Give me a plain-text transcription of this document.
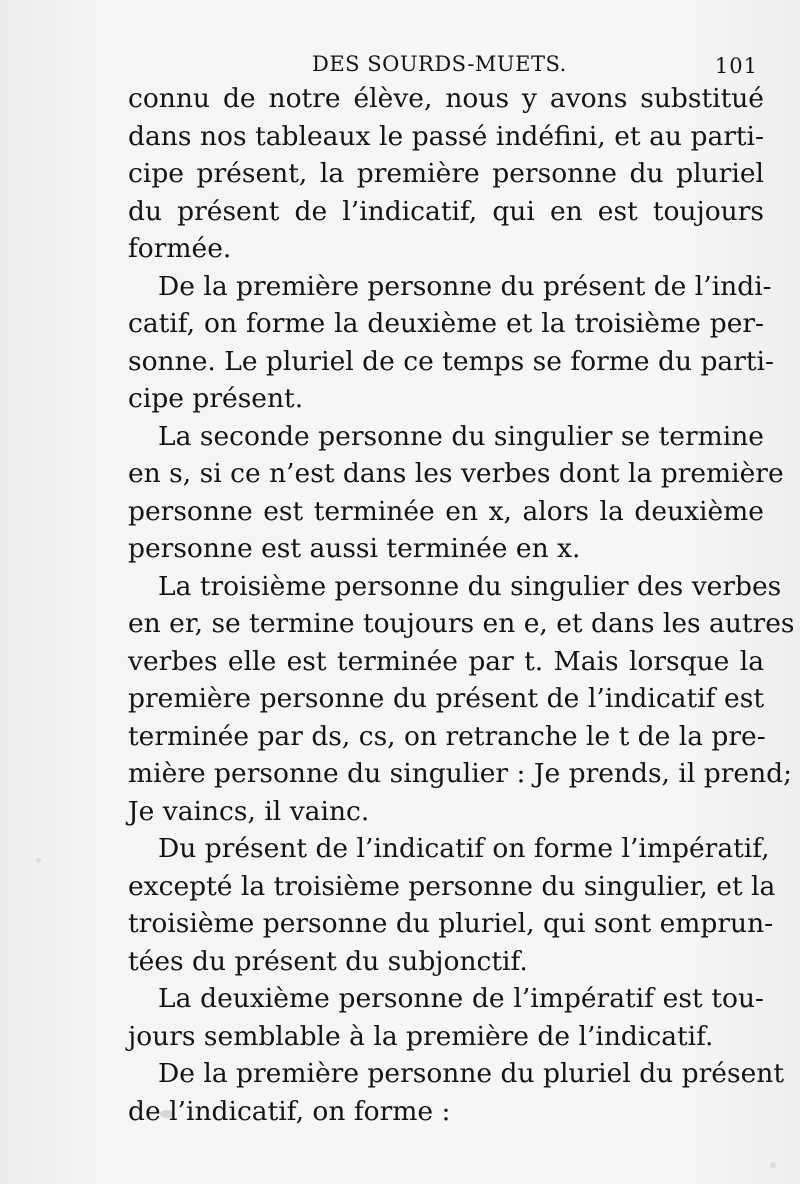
DES SOURDS-MUETS.	101
connu de notre élève, nous y avons substitué
dans nos tableaux le passé indéfini, et au parti-
cipe présent, la première personne du pluriel
du présent de l’indicatif, qui en est toujours
formée.
De la première personne du présent de l’indi-
catif, on forme la deuxième et la troisième per-
sonne. Le pluriel de ce temps se forme du parti-
cipe présent.
La seconde personne du singulier se termine
en s, si ce n’est dans les verbes dont la première
personne est terminée en x, alors la deuxième
personne est aussi terminée en x.
La troisième personne du singulier des verbes
en er, se termine toujours en e, et dans les autres
verbes elle est terminée par t. Mais lorsque la
première personne du présent de l’indicatif est
terminée par ds, cs, on retranche le t de la pre-
mière personne du singulier : Je prends, il prend;
Je vaincs, il vainc.
Du présent de l’indicatif on forme l’impératif,
excepté la troisième personne du singulier, et la
troisième personne du pluriel, qui sont emprun-
tées du présent du subjonctif.
La deuxième personne de l’impératif est tou-
jours semblable à la première de l’indicatif.
De la première personne du pluriel du présent
de l’indicatif, on forme :
